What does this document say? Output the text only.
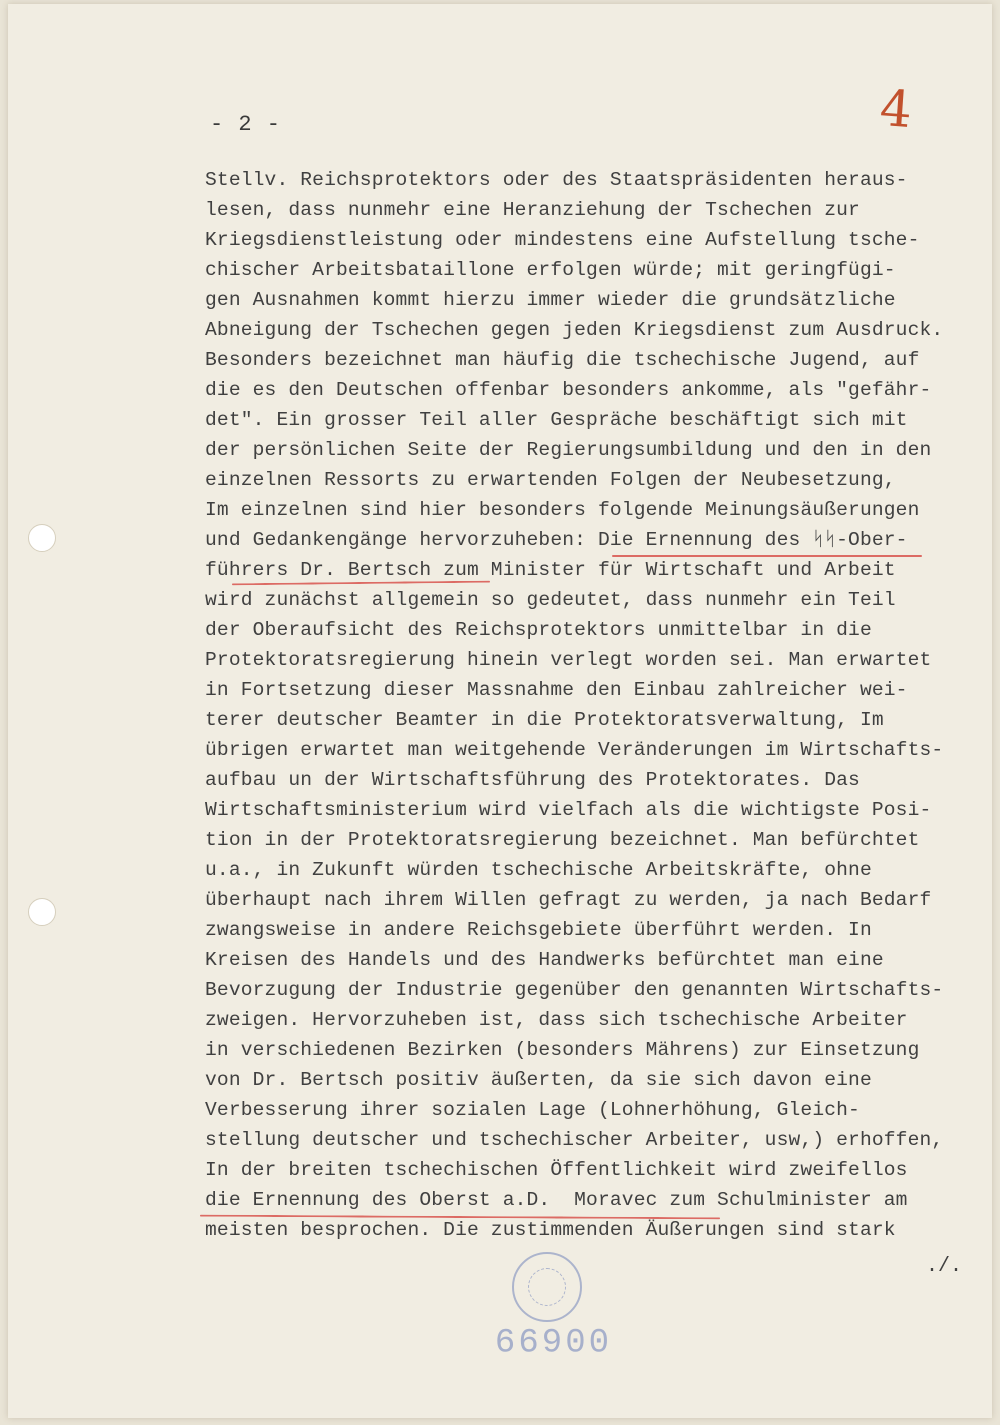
4
- 2 -
Stellv. Reichsprotektors oder des Staatspräsidenten heraus-
lesen, dass nunmehr eine Heranziehung der Tschechen zur
Kriegsdienstleistung oder mindestens eine Aufstellung tsche-
chischer Arbeitsbataillone erfolgen würde; mit geringfügi-
gen Ausnahmen kommt hierzu immer wieder die grundsätzliche
Abneigung der Tschechen gegen jeden Kriegsdienst zum Ausdruck.
Besonders bezeichnet man häufig die tschechische Jugend, auf
die es den Deutschen offenbar besonders ankomme, als "gefähr-
det". Ein grosser Teil aller Gespräche beschäftigt sich mit
der persönlichen Seite der Regierungsumbildung und den in den
einzelnen Ressorts zu erwartenden Folgen der Neubesetzung,
Im einzelnen sind hier besonders folgende Meinungsäußerungen
und Gedankengänge hervorzuheben: Die Ernennung des ᛋᛋ-Ober-
führers Dr. Bertsch zum Minister für Wirtschaft und Arbeit
wird zunächst allgemein so gedeutet, dass nunmehr ein Teil
der Oberaufsicht des Reichsprotektors unmittelbar in die
Protektoratsregierung hinein verlegt worden sei. Man erwartet
in Fortsetzung dieser Massnahme den Einbau zahlreicher wei-
terer deutscher Beamter in die Protektoratsverwaltung, Im
übrigen erwartet man weitgehende Veränderungen im Wirtschafts-
aufbau un der Wirtschaftsführung des Protektorates. Das
Wirtschaftsministerium wird vielfach als die wichtigste Posi-
tion in der Protektoratsregierung bezeichnet. Man befürchtet
u.a., in Zukunft würden tschechische Arbeitskräfte, ohne
überhaupt nach ihrem Willen gefragt zu werden, ja nach Bedarf
zwangsweise in andere Reichsgebiete überführt werden. In
Kreisen des Handels und des Handwerks befürchtet man eine
Bevorzugung der Industrie gegenüber den genannten Wirtschafts-
zweigen. Hervorzuheben ist, dass sich tschechische Arbeiter
in verschiedenen Bezirken (besonders Mährens) zur Einsetzung
von Dr. Bertsch positiv äußerten, da sie sich davon eine
Verbesserung ihrer sozialen Lage (Lohnerhöhung, Gleich-
stellung deutscher und tschechischer Arbeiter, usw,) erhoffen,
In der breiten tschechischen Öffentlichkeit wird zweifellos
die Ernennung des Oberst a.D.  Moravec zum Schulminister am
meisten besprochen. Die zustimmenden Äußerungen sind stark
./.
00699
